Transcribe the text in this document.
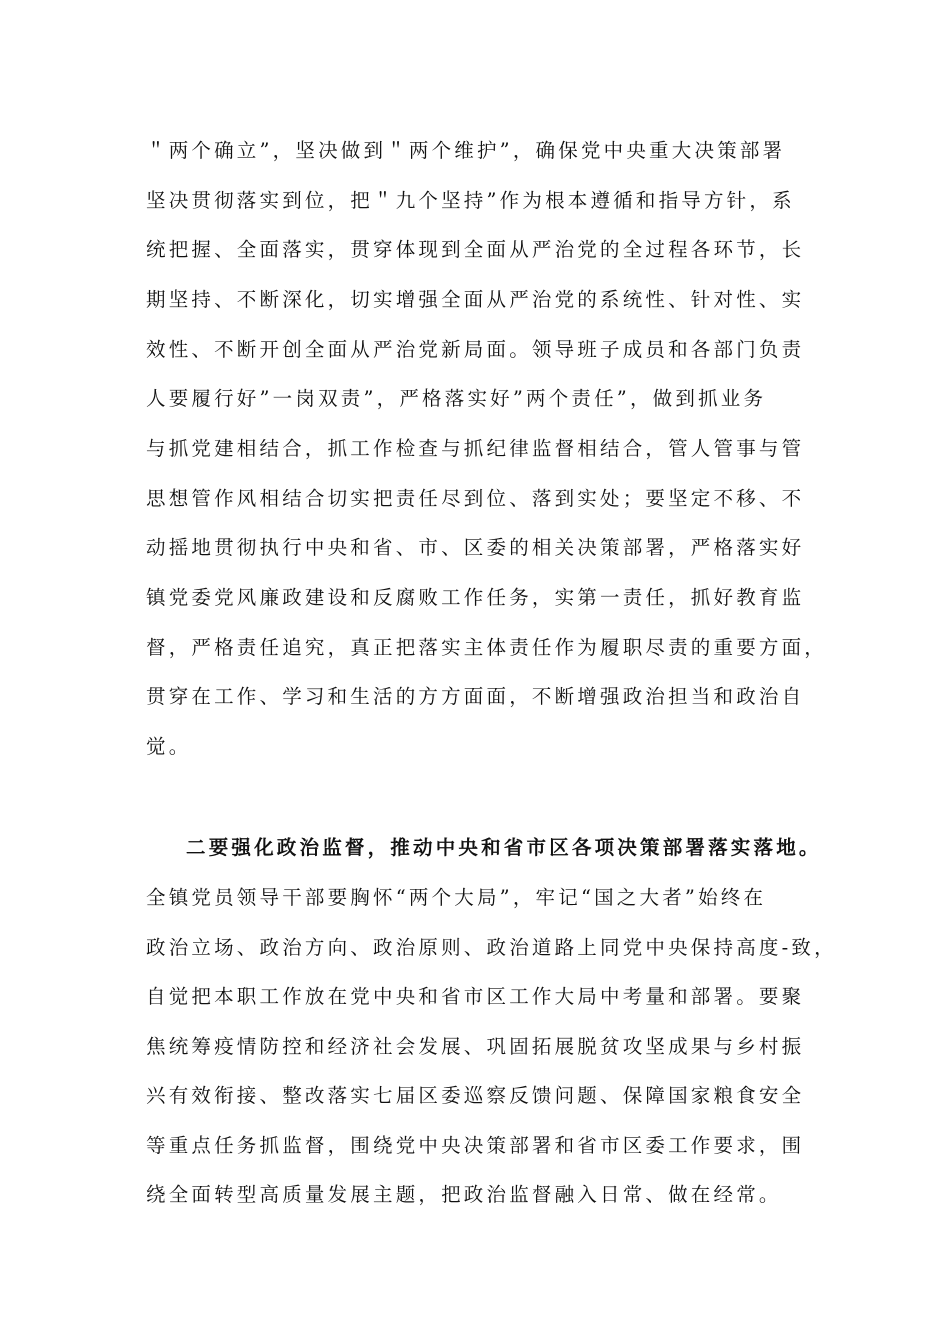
＂两个确立”，坚决做到＂两个维护”，确保党中央重大决策部署
坚决贯彻落实到位，把＂九个坚持”作为根本遵循和指导方针，系
统把握、全面落实，贯穿体现到全面从严治党的全过程各环节，长
期坚持、不断深化，切实增强全面从严治党的系统性、针对性、实
效性、不断开创全面从严治党新局面。领导班子成员和各部门负责
人要履行好”一岗双责”，严格落实好”两个责任”，做到抓业务
与抓党建相结合，抓工作检查与抓纪律监督相结合，管人管事与管
思想管作风相结合切实把责任尽到位、落到实处；要坚定不移、不
动摇地贯彻执行中央和省、市、区委的相关决策部署，严格落实好
镇党委党风廉政建设和反腐败工作任务，实第一责任，抓好教育监
督，严格责任追究，真正把落实主体责任作为履职尽责的重要方面，
贯穿在工作、学习和生活的方方面面，不断增强政治担当和政治自
觉。
二要强化政治监督，推动中央和省市区各项决策部署落实落地。
全镇党员领导干部要胸怀“两个大局”，牢记“国之大者”始终在
政治立场、政治方向、政治原则、政治道路上同党中央保持高度-致，
自觉把本职工作放在党中央和省市区工作大局中考量和部署。要聚
焦统筹疫情防控和经济社会发展、巩固拓展脱贫攻坚成果与乡村振
兴有效衔接、整改落实七届区委巡察反馈问题、保障国家粮食安全
等重点任务抓监督，围绕党中央决策部署和省市区委工作要求，围
绕全面转型高质量发展主题，把政治监督融入日常、做在经常。
